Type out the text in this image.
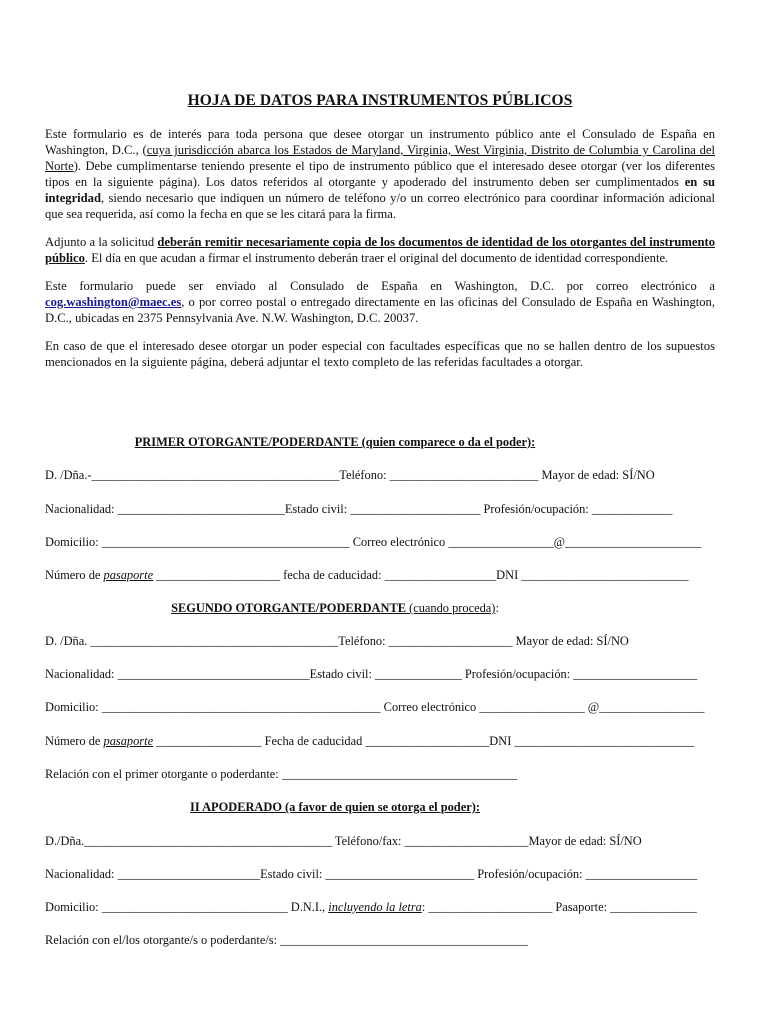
HOJA DE DATOS PARA INSTRUMENTOS PÚBLICOS

Este formulario es de interés para toda persona que desee otorgar un instrumento público ante el Consulado de España en Washington, D.C., (cuya jurisdicción abarca los Estados de Maryland, Virginia, West Virginia, Distrito de Columbia y Carolina del Norte). Debe cumplimentarse teniendo presente el tipo de instrumento público que el interesado desee otorgar (ver los diferentes tipos en la siguiente página). Los datos referidos al otorgante y apoderado del instrumento deben ser cumplimentados en su integridad, siendo necesario que indiquen un número de teléfono y/o un correo electrónico para coordinar información adicional que sea requerida, así como la fecha en que se les citará para la firma.

Adjunto a la solicitud deberán remitir necesariamente copia de los documentos de identidad de los otorgantes del instrumento público. El día en que acudan a firmar el instrumento deberán traer el original del documento de identidad correspondiente.

Este formulario puede ser enviado al Consulado de España en Washington, D.C. por correo electrónico a cog.washington@maec.es, o por correo postal o entregado directamente en las oficinas del Consulado de España en Washington, D.C., ubicadas en 2375 Pennsylvania Ave. N.W. Washington, D.C. 20037.

En caso de que el interesado desee otorgar un poder especial con facultades específicas que no se hallen dentro de los supuestos mencionados en la siguiente página, deberá adjuntar el texto completo de las referidas facultades a otorgar.

PRIMER OTORGANTE/PODERDANTE (quien comparece o da el poder):
D. /Dña.-________________________________________Teléfono: ________________________ Mayor de edad: SÍ/NO
Nacionalidad: ___________________________Estado civil: _____________________ Profesión/ocupación: _____________
Domicilio: ________________________________________ Correo electrónico _________________@______________________
Número de pasaporte ____________________ fecha de caducidad: __________________DNI ___________________________
SEGUNDO OTORGANTE/PODERDANTE (cuando proceda):
D. /Dña. ________________________________________Teléfono: ____________________ Mayor de edad: SÍ/NO
Nacionalidad: _______________________________Estado civil: ______________ Profesión/ocupación: ____________________
Domicilio: _____________________________________________ Correo electrónico _________________ @_________________
Número de pasaporte _________________ Fecha de caducidad ____________________DNI _____________________________
Relación con el primer otorgante o poderdante: ______________________________________
II APODERADO (a favor de quien se otorga el poder):
D./Dña.________________________________________ Teléfono/fax: ____________________Mayor de edad: SÍ/NO
Nacionalidad: _______________________Estado civil: ________________________ Profesión/ocupación: __________________
Domicilio: ______________________________ D.N.I., incluyendo la letra: ____________________ Pasaporte: ______________
Relación con el/los otorgante/s o poderdante/s: ________________________________________
